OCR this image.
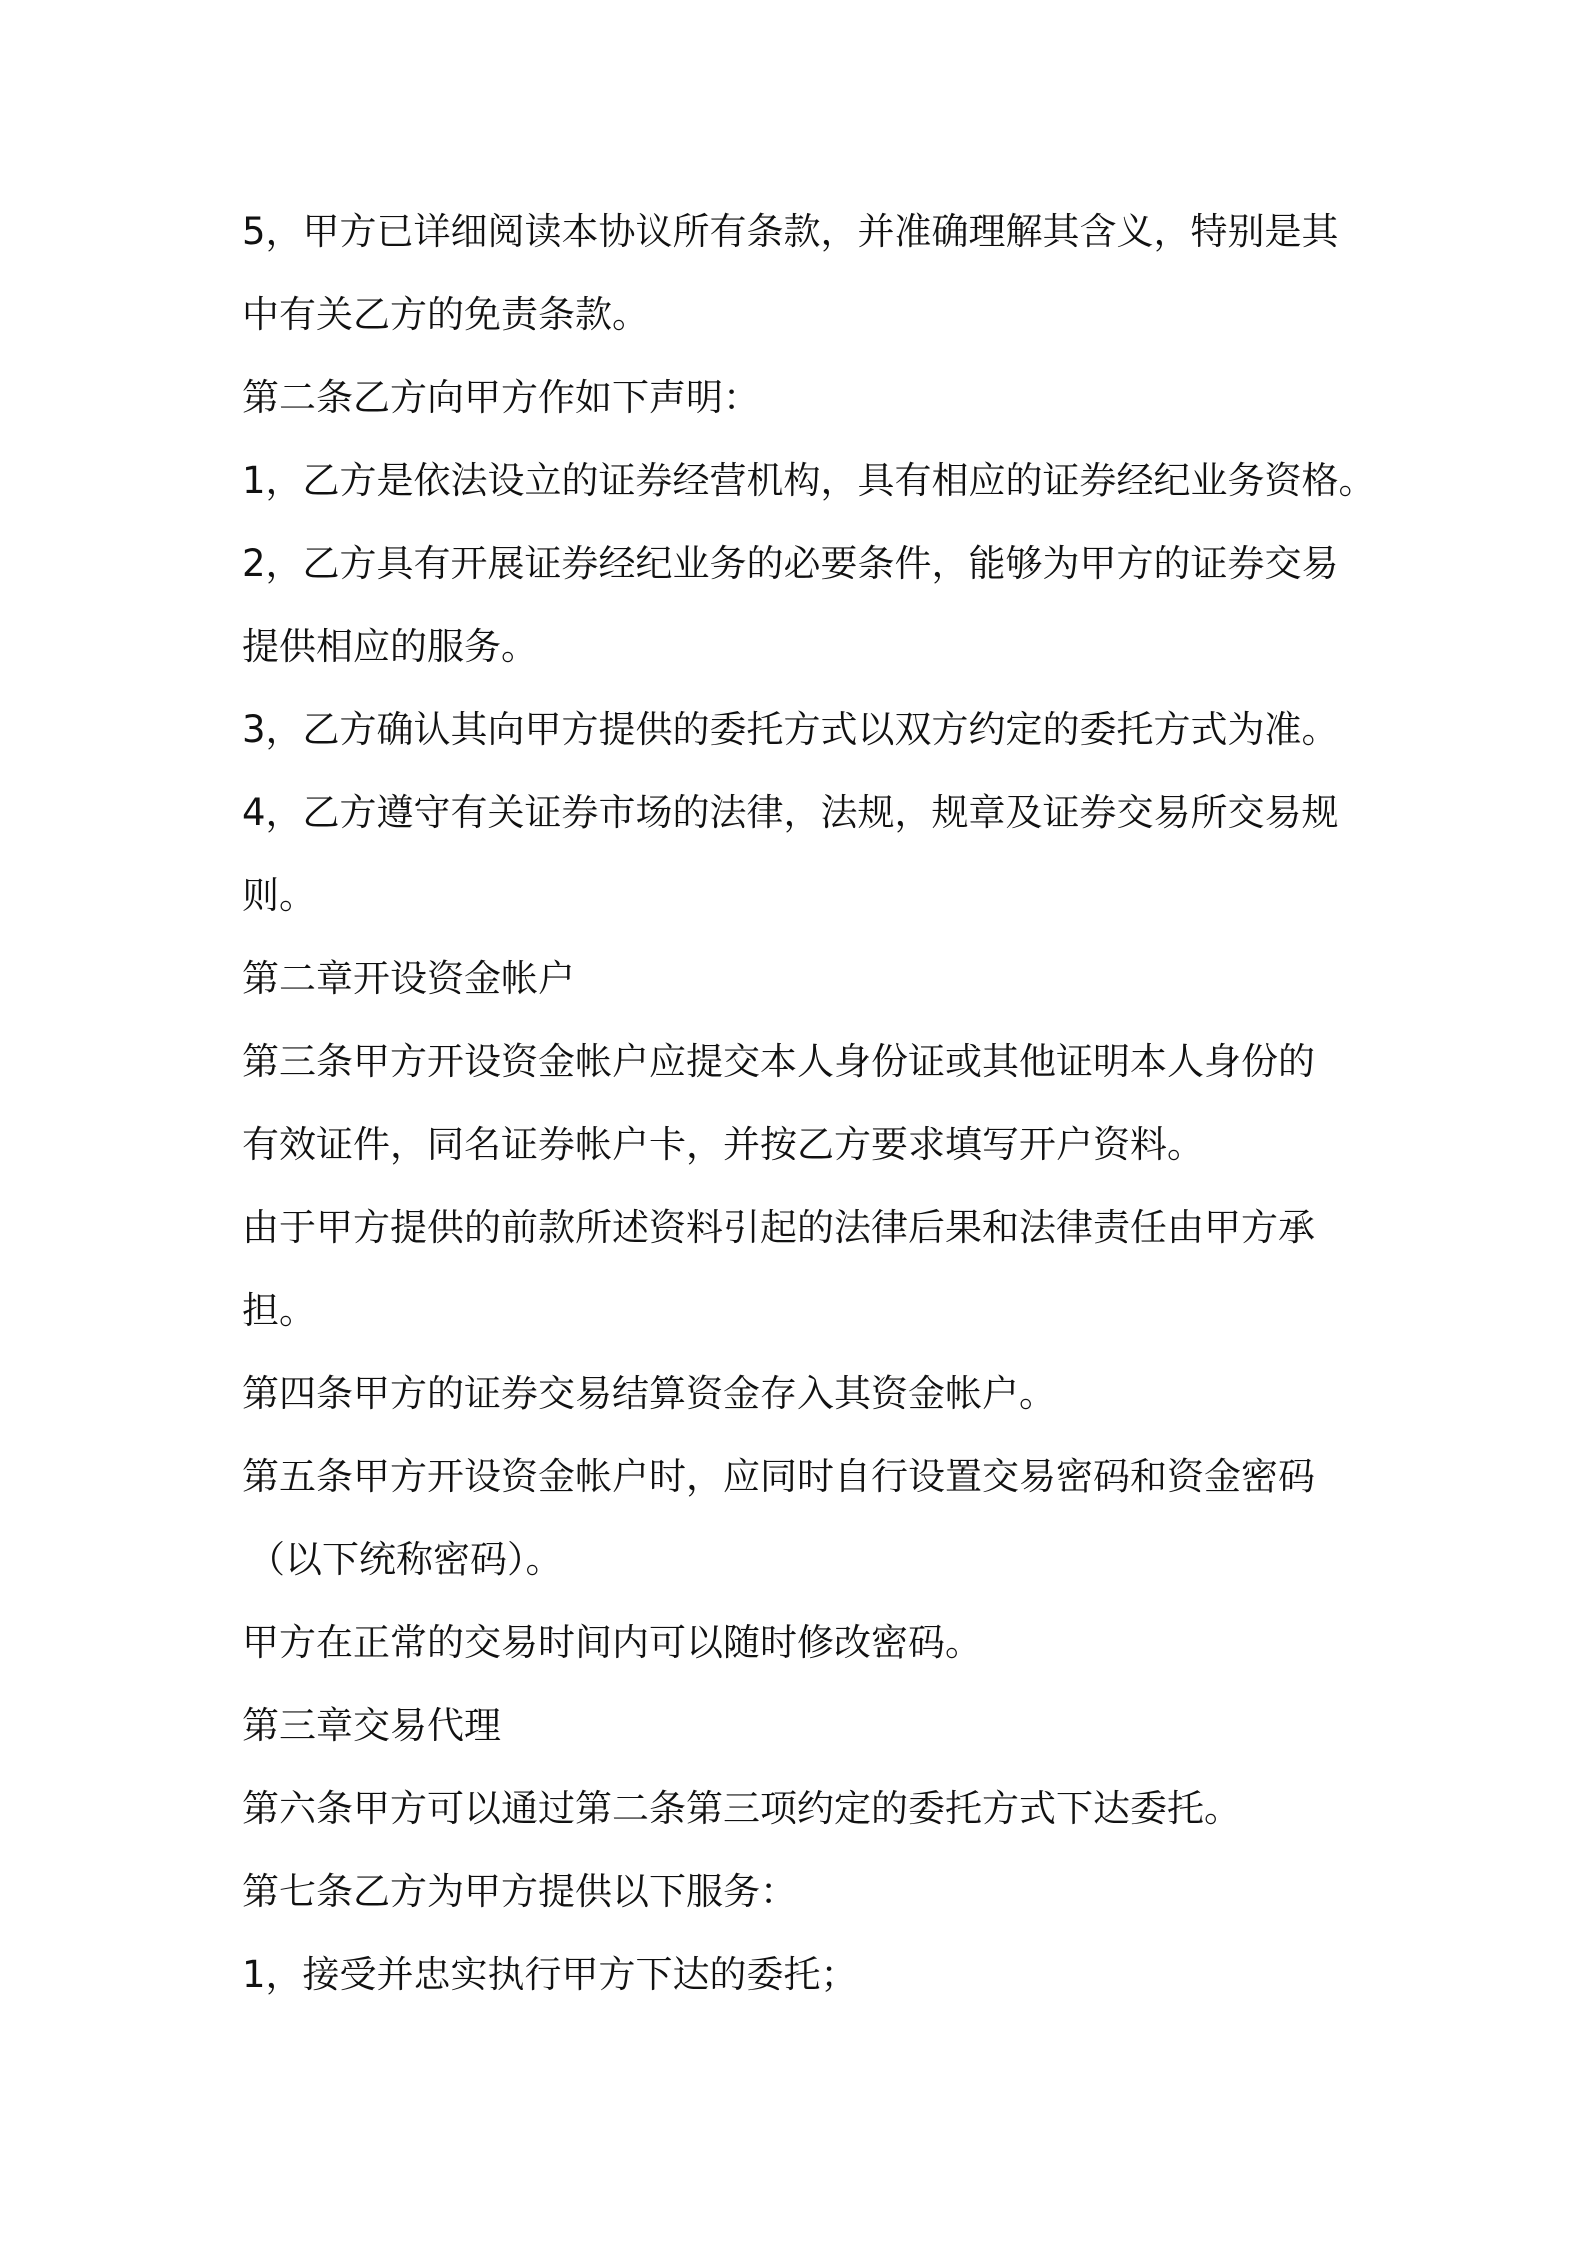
5，甲方已详细阅读本协议所有条款，并准确理解其含义，特别是其
中有关乙方的免责条款。
第二条乙方向甲方作如下声明：
1，乙方是依法设立的证券经营机构，具有相应的证券经纪业务资格。
2，乙方具有开展证券经纪业务的必要条件，能够为甲方的证券交易
提供相应的服务。
3，乙方确认其向甲方提供的委托方式以双方约定的委托方式为准。
4，乙方遵守有关证券市场的法律，法规，规章及证券交易所交易规
则。
第二章开设资金帐户
第三条甲方开设资金帐户应提交本人身份证或其他证明本人身份的
有效证件，同名证券帐户卡，并按乙方要求填写开户资料。
由于甲方提供的前款所述资料引起的法律后果和法律责任由甲方承
担。
第四条甲方的证券交易结算资金存入其资金帐户。
第五条甲方开设资金帐户时，应同时自行设置交易密码和资金密码
（以下统称密码）。
甲方在正常的交易时间内可以随时修改密码。
第三章交易代理
第六条甲方可以通过第二条第三项约定的委托方式下达委托。
第七条乙方为甲方提供以下服务：
1，接受并忠实执行甲方下达的委托；
